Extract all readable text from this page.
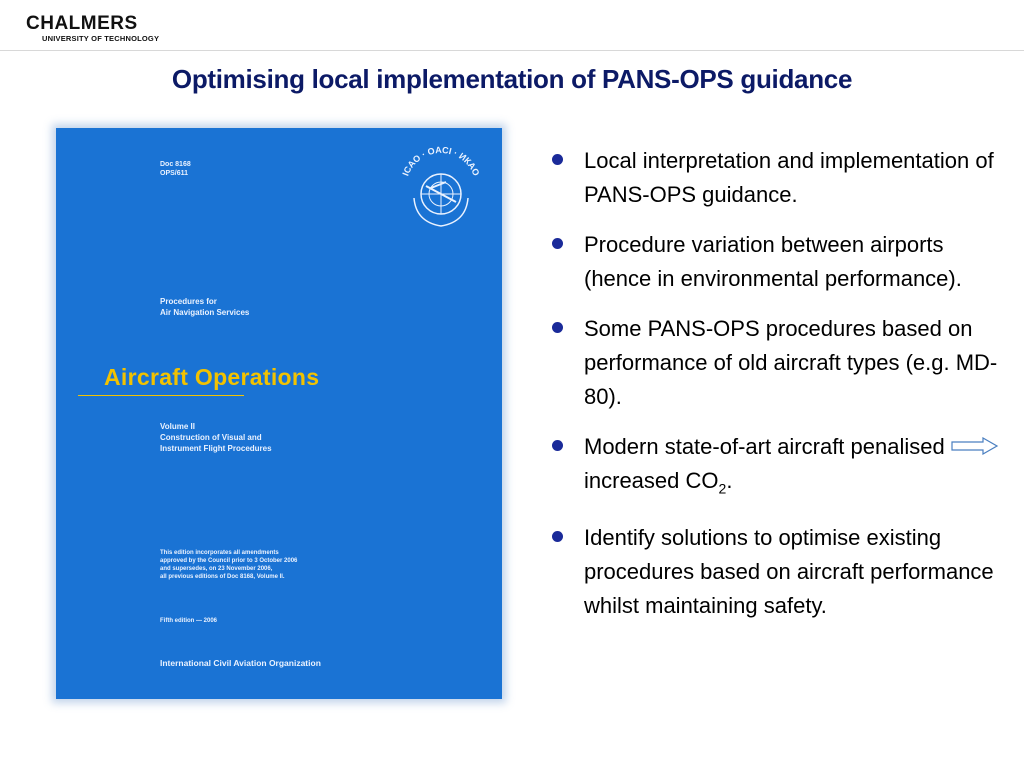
CHALMERS
UNIVERSITY OF TECHNOLOGY
Optimising local implementation of PANS-OPS guidance
Doc 8168
OPS/611	ICAO · OACI · ИКАО
Procedures for
Air Navigation Services
Aircraft Operations
Volume II
Construction of Visual and
Instrument Flight Procedures
This edition incorporates all amendments
approved by the Council prior to 3 October 2006
and supersedes, on 23 November 2006,
all previous editions of Doc 8168, Volume II.
Fifth edition — 2006
International Civil Aviation Organization
Local interpretation and implementation of PANS-OPS guidance.
Procedure variation between airports (hence in environmental performance).
Some PANS-OPS procedures based on performance of old aircraft types (e.g. MD-80).
Modern state-of-art aircraft penalisedincreased $CO_2$.
Identify solutions to optimise existing procedures based on aircraft performance whilst maintaining safety.
